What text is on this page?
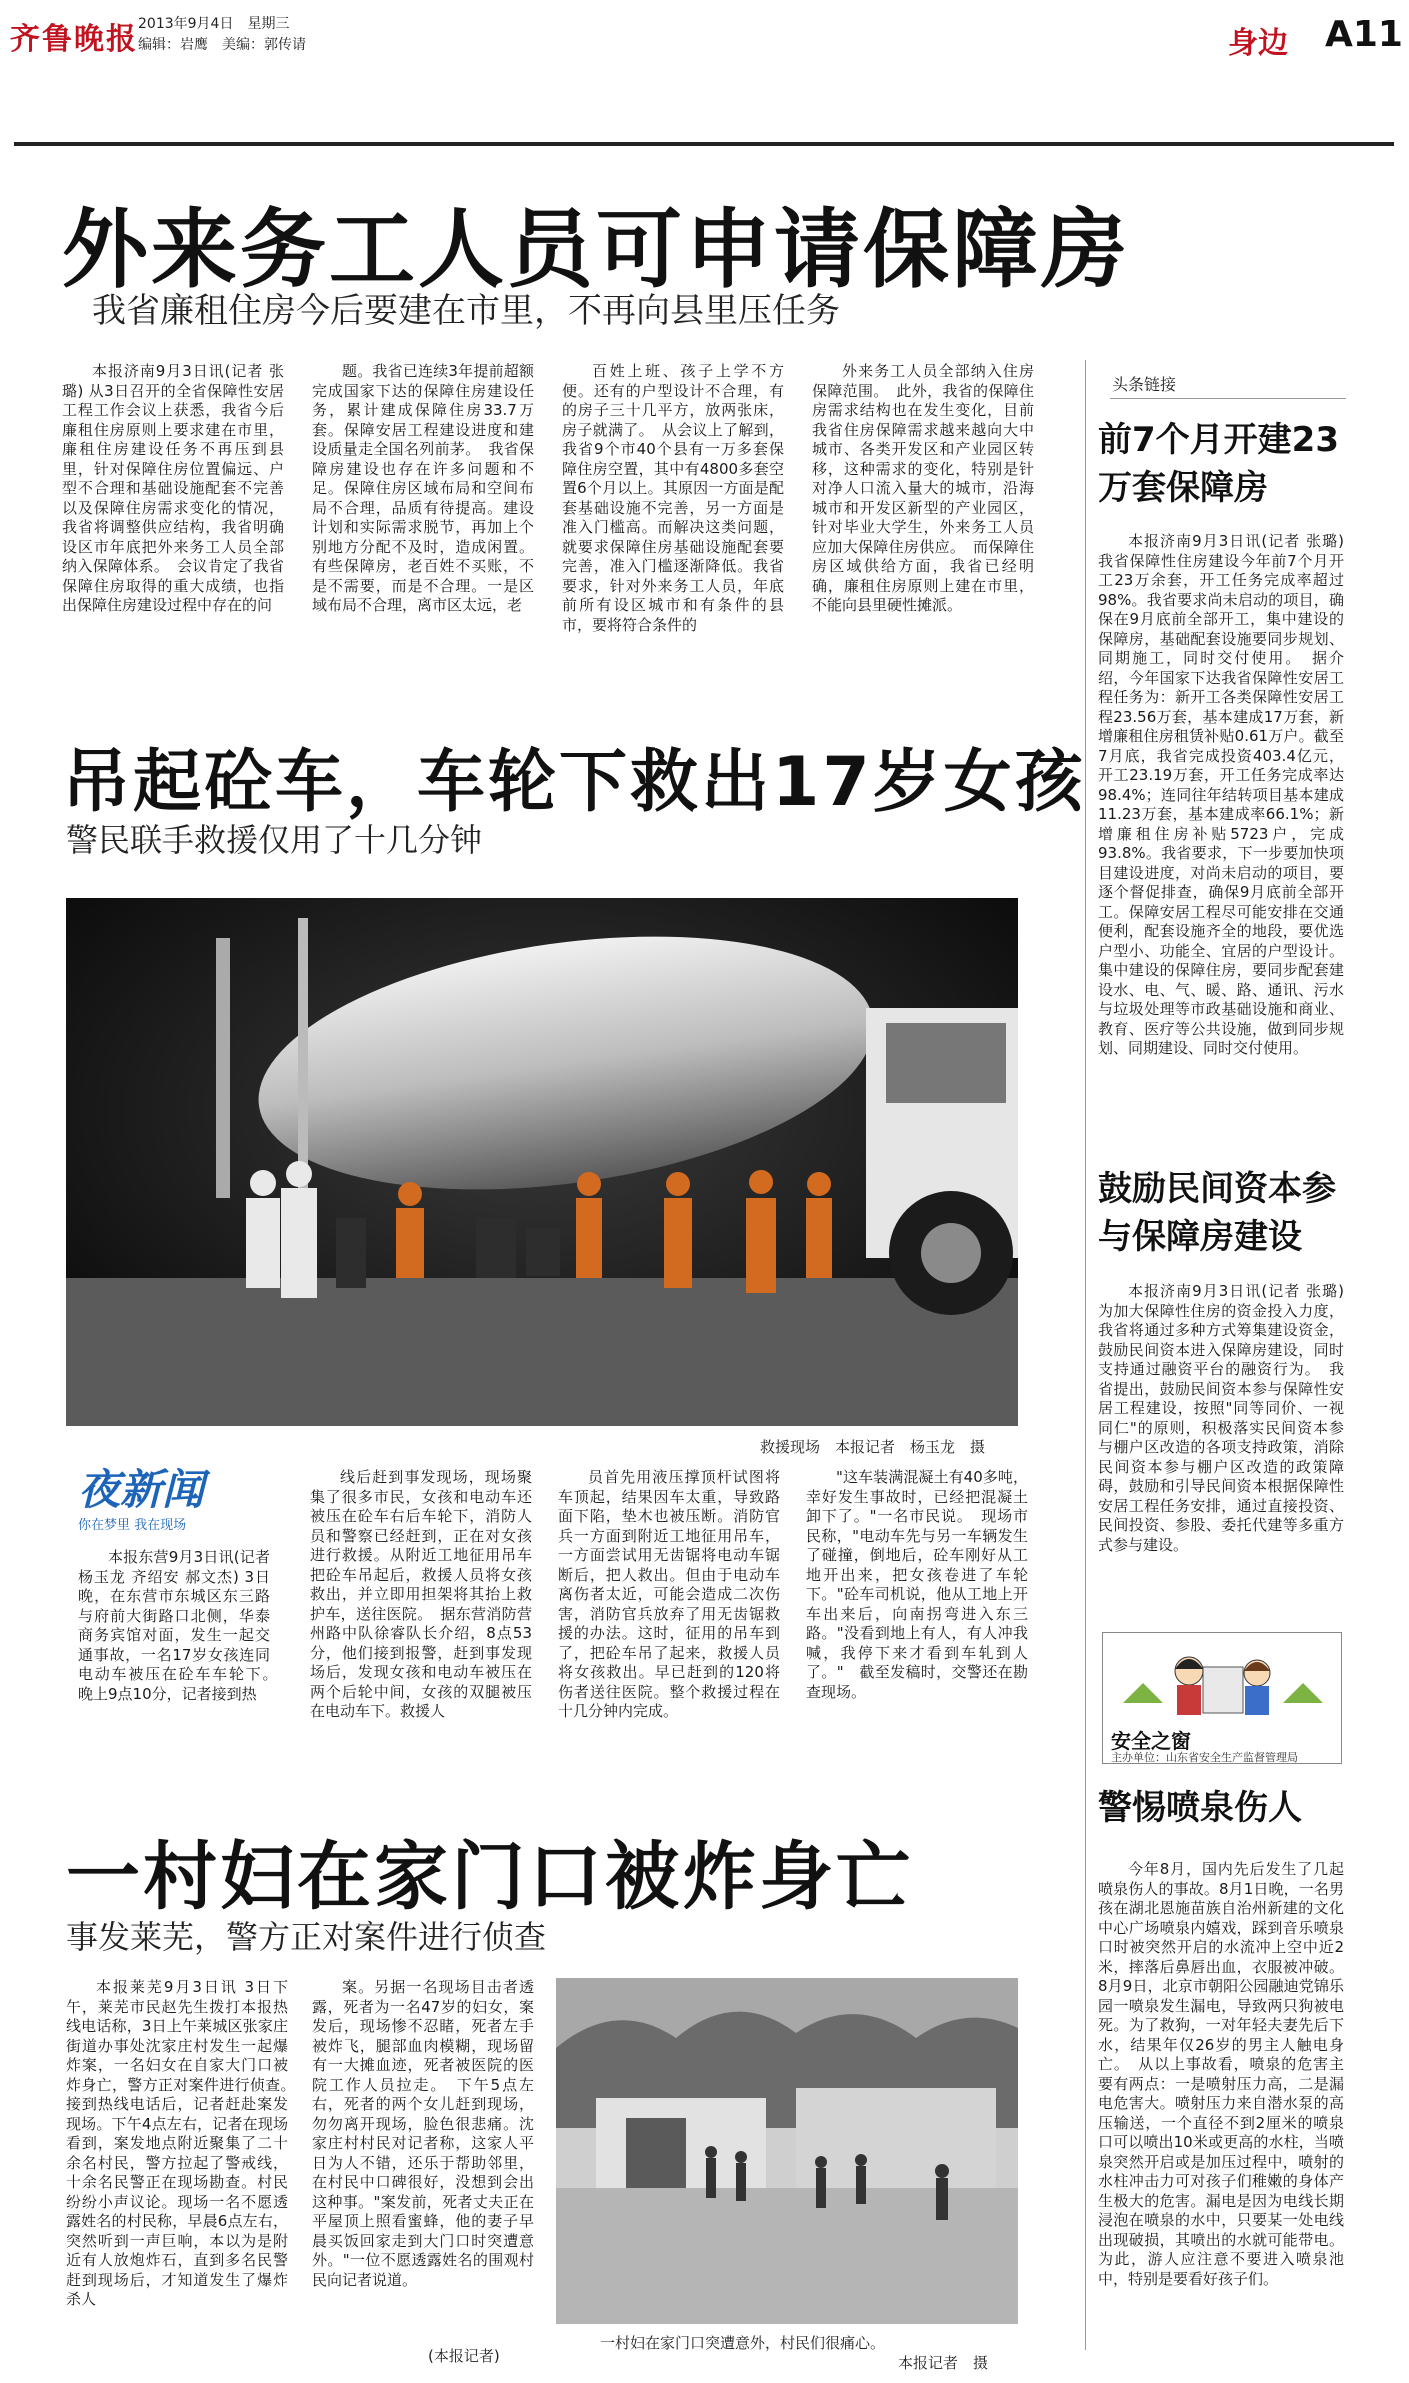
齐鲁晚报 2013年9月4日　星期三
编辑：岩鹰　美编：郭传请	身边 A11
外来务工人员可申请保障房
我省廉租住房今后要建在市里，不再向县里压任务

本报济南9月3日讯(记者 张璐) 从3日召开的全省保障性安居工程工作会议上获悉，我省今后廉租住房原则上要求建在市里，廉租住房建设任务不再压到县里，针对保障住房位置偏远、户型不合理和基础设施配套不完善以及保障住房需求变化的情况，我省将调整供应结构，我省明确设区市年底把外来务工人员全部纳入保障体系。　会议肯定了我省保障住房取得的重大成绩，也指出保障住房建设过程中存在的问

题。我省已连续3年提前超额完成国家下达的保障住房建设任务，累计建成保障住房33.7万套。保障安居工程建设进度和建设质量走全国名列前茅。　我省保障房建设也存在许多问题和不足。保障住房区域布局和空间布局不合理，品质有待提高。建设计划和实际需求脱节，再加上个别地方分配不及时，造成闲置。有些保障房，老百姓不买账，不是不需要，而是不合理。一是区域布局不合理，离市区太远，老

百姓上班、孩子上学不方便。还有的户型设计不合理，有的房子三十几平方，放两张床，房子就满了。　从会议上了解到，我省9个市40个县有一万多套保障住房空置，其中有4800多套空置6个月以上。其原因一方面是配套基础设施不完善，另一方面是准入门槛高。而解决这类问题，就要求保障住房基础设施配套要完善，准入门槛逐渐降低。我省要求，针对外来务工人员，年底前所有设区城市和有条件的县市，要将符合条件的

外来务工人员全部纳入住房保障范围。　此外，我省的保障住房需求结构也在发生变化，目前我省住房保障需求越来越向大中城市、各类开发区和产业园区转移，这种需求的变化，特别是针对净人口流入量大的城市，沿海城市和开发区新型的产业园区，针对毕业大学生，外来务工人员应加大保障住房供应。　而保障住房区域供给方面，我省已经明确，廉租住房原则上建在市里，不能向县里硬性摊派。

头条链接
前7个月开建23万套保障房

本报济南9月3日讯(记者 张璐) 我省保障性住房建设今年前7个月开工23万余套，开工任务完成率超过98%。我省要求尚未启动的项目，确保在9月底前全部开工，集中建设的保障房，基础配套设施要同步规划、同期施工，同时交付使用。　据介绍，今年国家下达我省保障性安居工程任务为：新开工各类保障性安居工程23.56万套，基本建成17万套，新增廉租住房租赁补贴0.61万户。截至7月底，我省完成投资403.4亿元，开工23.19万套，开工任务完成率达98.4%；连同往年结转项目基本建成11.23万套，基本建成率66.1%；新增廉租住房补贴5723户，完成93.8%。我省要求，下一步要加快项目建设进度，对尚未启动的项目，要逐个督促排查，确保9月底前全部开工。保障安居工程尽可能安排在交通便利，配套设施齐全的地段，要优选户型小、功能全、宜居的户型设计。集中建设的保障住房，要同步配套建设水、电、气、暖、路、通讯、污水与垃圾处理等市政基础设施和商业、教育、医疗等公共设施，做到同步规划、同期建设、同时交付使用。

鼓励民间资本参与保障房建设

本报济南9月3日讯(记者 张璐) 为加大保障性住房的资金投入力度，我省将通过多种方式筹集建设资金，鼓励民间资本进入保障房建设，同时支持通过融资平台的融资行为。　我省提出，鼓励民间资本参与保障性安居工程建设，按照"同等同价、一视同仁"的原则，积极落实民间资本参与棚户区改造的各项支持政策，消除民间资本参与棚户区改造的政策障碍，鼓励和引导民间资本根据保障性安居工程任务安排，通过直接投资、民间投资、参股、委托代建等多重方式参与建设。

安全之窗
主办单位：山东省安全生产监督管理局
警惕喷泉伤人

今年8月，国内先后发生了几起喷泉伤人的事故。8月1日晚，一名男孩在湖北恩施苗族自治州新建的文化中心广场喷泉内嬉戏，踩到音乐喷泉口时被突然开启的水流冲上空中近2米，摔落后鼻唇出血，衣服被冲破。8月9日，北京市朝阳公园融迪党锦乐园一喷泉发生漏电，导致两只狗被电死。为了救狗，一对年轻夫妻先后下水，结果年仅26岁的男主人触电身亡。　从以上事故看，喷泉的危害主要有两点：一是喷射压力高，二是漏电危害大。喷射压力来自潜水泵的高压输送，一个直径不到2厘米的喷泉口可以喷出10米或更高的水柱，当喷泉突然开启或是加压过程中，喷射的水柱冲击力可对孩子们稚嫩的身体产生极大的危害。漏电是因为电线长期浸泡在喷泉的水中，只要某一处电线出现破损，其喷出的水就可能带电。为此，游人应注意不要进入喷泉池中，特别是要看好孩子们。

吊起砼车，车轮下救出17岁女孩
警民联手救援仅用了十几分钟
救援现场　本报记者　杨玉龙　摄
夜新闻
你在梦里 我在现场

本报东营9月3日讯(记者 杨玉龙 齐绍安 郝文杰) 3日晚，在东营市东城区东三路与府前大街路口北侧，华泰商务宾馆对面，发生一起交通事故，一名17岁女孩连同电动车被压在砼车车轮下。　晚上9点10分，记者接到热

线后赶到事发现场，现场聚集了很多市民，女孩和电动车还被压在砼车右后车轮下，消防人员和警察已经赶到，正在对女孩进行救援。从附近工地征用吊车把砼车吊起后，救援人员将女孩救出，并立即用担架将其抬上救护车，送往医院。　据东营消防营州路中队徐睿队长介绍，8点53分，他们接到报警，赶到事发现场后，发现女孩和电动车被压在两个后轮中间，女孩的双腿被压在电动车下。救援人

员首先用液压撑顶杆试图将车顶起，结果因车太重，导致路面下陷，垫木也被压断。消防官兵一方面到附近工地征用吊车，一方面尝试用无齿锯将电动车锯断后，把人救出。但由于电动车离伤者太近，可能会造成二次伤害，消防官兵放弃了用无齿锯救援的办法。这时，征用的吊车到了，把砼车吊了起来，救援人员将女孩救出。早已赶到的120将伤者送往医院。整个救援过程在十几分钟内完成。

"这车装满混凝土有40多吨，幸好发生事故时，已经把混凝土卸下了。"一名市民说。　现场市民称，"电动车先与另一车辆发生了碰撞，倒地后，砼车刚好从工地开出来，把女孩卷进了车轮下。"砼车司机说，他从工地上开车出来后，向南拐弯进入东三路。"没看到地上有人，有人冲我喊，我停下来才看到车轧到人了。"　截至发稿时，交警还在勘查现场。

一村妇在家门口被炸身亡
事发莱芜，警方正对案件进行侦查

本报莱芜9月3日讯 3日下午，莱芜市民赵先生拨打本报热线电话称，3日上午莱城区张家庄街道办事处沈家庄村发生一起爆炸案，一名妇女在自家大门口被炸身亡，警方正对案件进行侦查。　接到热线电话后，记者赶赴案发现场。下午4点左右，记者在现场看到，案发地点附近聚集了二十余名村民，警方拉起了警戒线，十余名民警正在现场勘查。村民纷纷小声议论。现场一名不愿透露姓名的村民称，早晨6点左右，突然听到一声巨响，本以为是附近有人放炮炸石，直到多名民警赶到现场后，才知道发生了爆炸杀人

案。另据一名现场目击者透露，死者为一名47岁的妇女，案发后，现场惨不忍睹，死者左手被炸飞，腿部血肉模糊，现场留有一大摊血迹，死者被医院的医院工作人员拉走。　下午5点左右，死者的两个女儿赶到现场，勿勿离开现场，脸色很悲痛。沈家庄村村民对记者称，这家人平日为人不错，还乐于帮助邻里，在村民中口碑很好，没想到会出这种事。"案发前，死者丈夫正在平屋顶上照看蜜蜂，他的妻子早晨买饭回家走到大门口时突遭意外。"一位不愿透露姓名的围观村民向记者说道。

(本报记者)
一村妇在家门口突遭意外，村民们很痛心。
本报记者　摄
